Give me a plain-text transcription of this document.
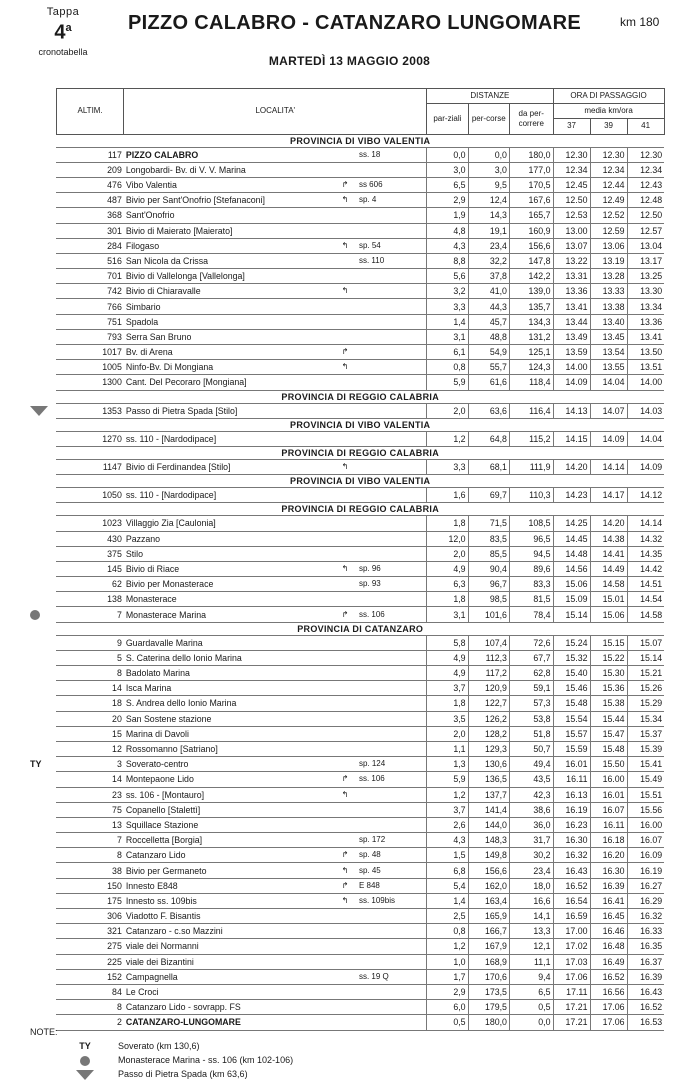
Tappa
4$^a$
cronotabella
PIZZO CALABRO - CATANZARO LUNGOMARE	km 180
MARTEDÌ 13 MAGGIO 2008
	ALTIM.	LOCALITA'			DISTANZE			ORA DI PASSAGGIO			
					par-ziali	per-corse	da per-correre	media km/ora			
								37	39	41	
	PROVINCIA DI VIBO VALENTIA										
	117	PIZZO CALABRO		ss. 18	0,0	0,0	180,0	12.30	12.30	12.30	
	209	Longobardi- Bv. di V. V. Marina			3,0	3,0	177,0	12.34	12.34	12.34	
	476	Vibo Valentia	↱	ss 606	6,5	9,5	170,5	12.45	12.44	12.43	
	487	Bivio per Sant'Onofrio [Stefanaconi]	↰	sp. 4	2,9	12,4	167,6	12.50	12.49	12.48	
	368	Sant'Onofrio			1,9	14,3	165,7	12.53	12.52	12.50	
	301	Bivio di Maierato [Maierato]			4,8	19,1	160,9	13.00	12.59	12.57	
	284	Filogaso	↰	sp. 54	4,3	23,4	156,6	13.07	13.06	13.04	
	516	San Nicola da Crissa		ss. 110	8,8	32,2	147,8	13.22	13.19	13.17	
	701	Bivio di Vallelonga [Vallelonga]			5,6	37,8	142,2	13.31	13.28	13.25	
	742	Bivio di Chiaravalle	↰		3,2	41,0	139,0	13.36	13.33	13.30	
	766	Simbario			3,3	44,3	135,7	13.41	13.38	13.34	
	751	Spadola			1,4	45,7	134,3	13.44	13.40	13.36	
	793	Serra San Bruno			3,1	48,8	131,2	13.49	13.45	13.41	
	1017	Bv. di Arena	↱		6,1	54,9	125,1	13.59	13.54	13.50	
	1005	Ninfo-Bv. Di Mongiana	↰		0,8	55,7	124,3	14.00	13.55	13.51	
	1300	Cant. Del Pecoraro [Mongiana]			5,9	61,6	118,4	14.09	14.04	14.00	
	PROVINCIA DI REGGIO CALABRIA										
	1353	Passo di Pietra Spada [Stilo]			2,0	63,6	116,4	14.13	14.07	14.03	
	PROVINCIA DI VIBO VALENTIA										
	1270	ss. 110 - [Nardodipace]			1,2	64,8	115,2	14.15	14.09	14.04	
	PROVINCIA DI REGGIO CALABRIA										
	1147	Bivio di Ferdinandea [Stilo]	↰		3,3	68,1	111,9	14.20	14.14	14.09	
	PROVINCIA DI VIBO VALENTIA										
	1050	ss. 110 - [Nardodipace]			1,6	69,7	110,3	14.23	14.17	14.12	
	PROVINCIA DI REGGIO CALABRIA										
	1023	Villaggio Zia [Caulonia]			1,8	71,5	108,5	14.25	14.20	14.14	
	430	Pazzano			12,0	83,5	96,5	14.45	14.38	14.32	
	375	Stilo			2,0	85,5	94,5	14.48	14.41	14.35	
	145	Bivio di Riace	↰	sp. 96	4,9	90,4	89,6	14.56	14.49	14.42	
	62	Bivio per Monasterace		sp. 93	6,3	96,7	83,3	15.06	14.58	14.51	
	138	Monasterace			1,8	98,5	81,5	15.09	15.01	14.54	
	7	Monasterace Marina	↱	ss. 106	3,1	101,6	78,4	15.14	15.06	14.58	
	PROVINCIA DI CATANZARO										
	9	Guardavalle Marina			5,8	107,4	72,6	15.24	15.15	15.07	
	5	S. Caterina dello Ionio Marina			4,9	112,3	67,7	15.32	15.22	15.14	
	8	Badolato Marina			4,9	117,2	62,8	15.40	15.30	15.21	
	14	Isca Marina			3,7	120,9	59,1	15.46	15.36	15.26	
	18	S. Andrea dello Ionio Marina			1,8	122,7	57,3	15.48	15.38	15.29	
	20	San Sostene stazione			3,5	126,2	53,8	15.54	15.44	15.34	
	15	Marina di Davoli			2,0	128,2	51,8	15.57	15.47	15.37	
	12	Rossomanno [Satriano]			1,1	129,3	50,7	15.59	15.48	15.39	
ΤΥ	3	Soverato-centro		sp. 124	1,3	130,6	49,4	16.01	15.50	15.41	
	14	Montepaone Lido	↱	ss. 106	5,9	136,5	43,5	16.11	16.00	15.49	
	23	ss. 106 - [Montauro]	↰		1,2	137,7	42,3	16.13	16.01	15.51	
	75	Copanello [Stalettì]			3,7	141,4	38,6	16.19	16.07	15.56	
	13	Squillace Stazione			2,6	144,0	36,0	16.23	16.11	16.00	
	7	Roccelletta [Borgia]		sp. 172	4,3	148,3	31,7	16.30	16.18	16.07	
	8	Catanzaro Lido	↱	sp. 48	1,5	149,8	30,2	16.32	16.20	16.09	
	38	Bivio per Germaneto	↰	sp. 45	6,8	156,6	23,4	16.43	16.30	16.19	
	150	Innesto E848	↱	E 848	5,4	162,0	18,0	16.52	16.39	16.27	
	175	Innesto ss. 109bis	↰	ss. 109bis	1,4	163,4	16,6	16.54	16.41	16.29	
	306	Viadotto F. Bisantis			2,5	165,9	14,1	16.59	16.45	16.32	
	321	Catanzaro - c.so Mazzini			0,8	166,7	13,3	17.00	16.46	16.33	
	275	viale dei Normanni			1,2	167,9	12,1	17.02	16.48	16.35	
	225	viale dei Bizantini			1,0	168,9	11,1	17.03	16.49	16.37	
	152	Campagnella		ss. 19 Q	1,7	170,6	9,4	17.06	16.52	16.39	
	84	Le Croci			2,9	173,5	6,5	17.11	16.56	16.43	
	8	Catanzaro Lido - sovrapp. FS			6,0	179,5	0,5	17.21	17.06	16.52	
	2	CATANZARO-LUNGOMARE			0,5	180,0	0,0	17.21	17.06	16.53	
NOTE:
ΤΥ	Soverato (km 130,6)
Monasterace Marina - ss. 106 (km 102-106)
Passo di Pietra Spada (km 63,6)
